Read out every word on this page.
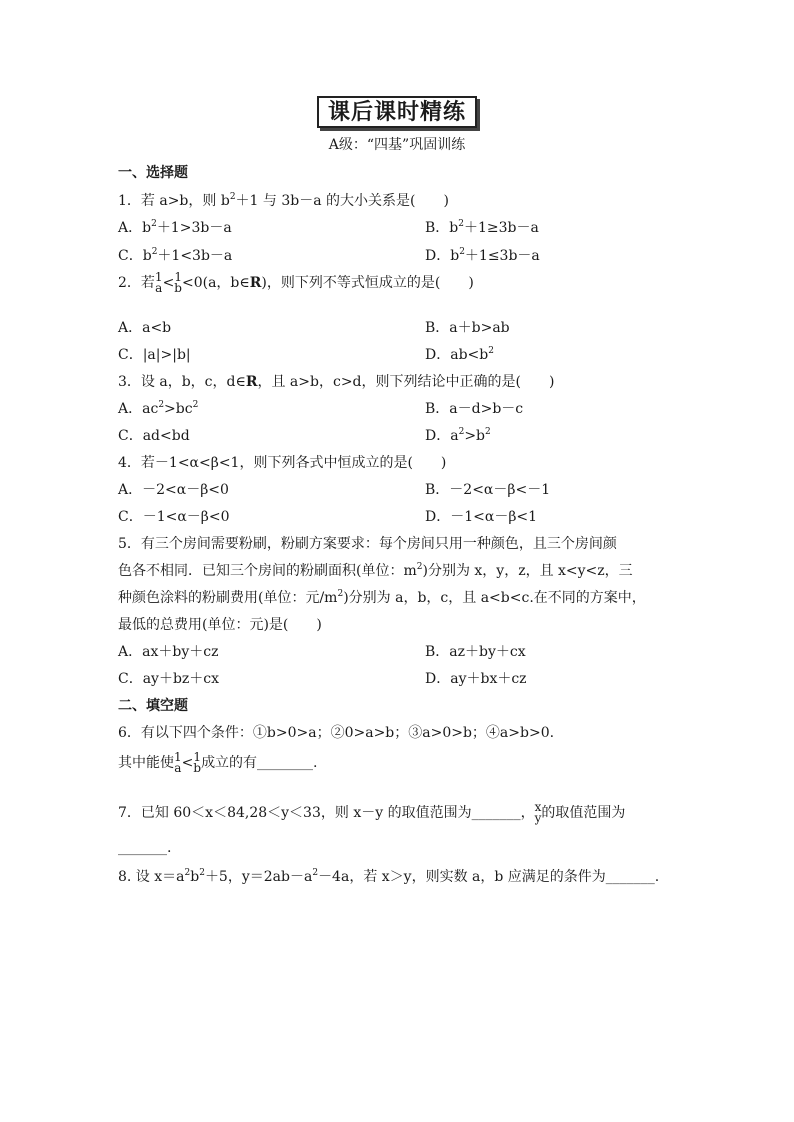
课后课时精练
A级：“四基”巩固训练
一、选择题
1．若 a>b，则 $b^2+1$ 与 3b－a 的大小关系是(　　)
A．$b^2+1>3b-a$	B．$b^2+1\ge 3b-a$
C．$b^2+1<3b-a$	D．$b^2+1\le 3b-a$
2．若 1
a < 1
b <0(a，b∈R)，则下列不等式恒成立的是(　　)
A．a<b	B．a＋b>ab
C．|a|>|b|	D．$ab<b^2$
3．设 a，b，c，d∈R，且 a>b，c>d，则下列结论中正确的是(　　)
A．$ac^2>bc^2$	B．a－d>b－c
C．ad<bd	D．$a^2>b^2$
4．若－1<α<β<1，则下列各式中恒成立的是(　　)
A．－2<α－β<0	B．－2<α－β<－1
C．－1<α－β<0	D．－1<α－β<1
5．有三个房间需要粉刷，粉刷方案要求：每个房间只用一种颜色，且三个房间颜
色各不相同．已知三个房间的粉刷面积(单位：$m^2$)分别为 x，y，z，且 x<y<z，三
种颜色涂料的粉刷费用(单位：元$/m^2$)分别为 a，b，c，且 a<b<c.在不同的方案中，
最低的总费用(单位：元)是(　　)
A．ax＋by＋cz	B．az＋by＋cx
C．ay＋bz＋cx	D．ay＋bx＋cz
二、填空题
6．有以下四个条件：①b>0>a；②0>a>b；③a>0>b；④a>b>0.
其中能使 1
a < 1
b 成立的有________.
7．已知 60＜x＜84,28＜y＜33，则 x－y 的取值范围为_______， x
y 的取值范围为
_______.
8. 设 $x=a^2b^2+5$，$y=2ab-a^2-4a$，若 x＞y，则实数 a，b 应满足的条件为_______.
